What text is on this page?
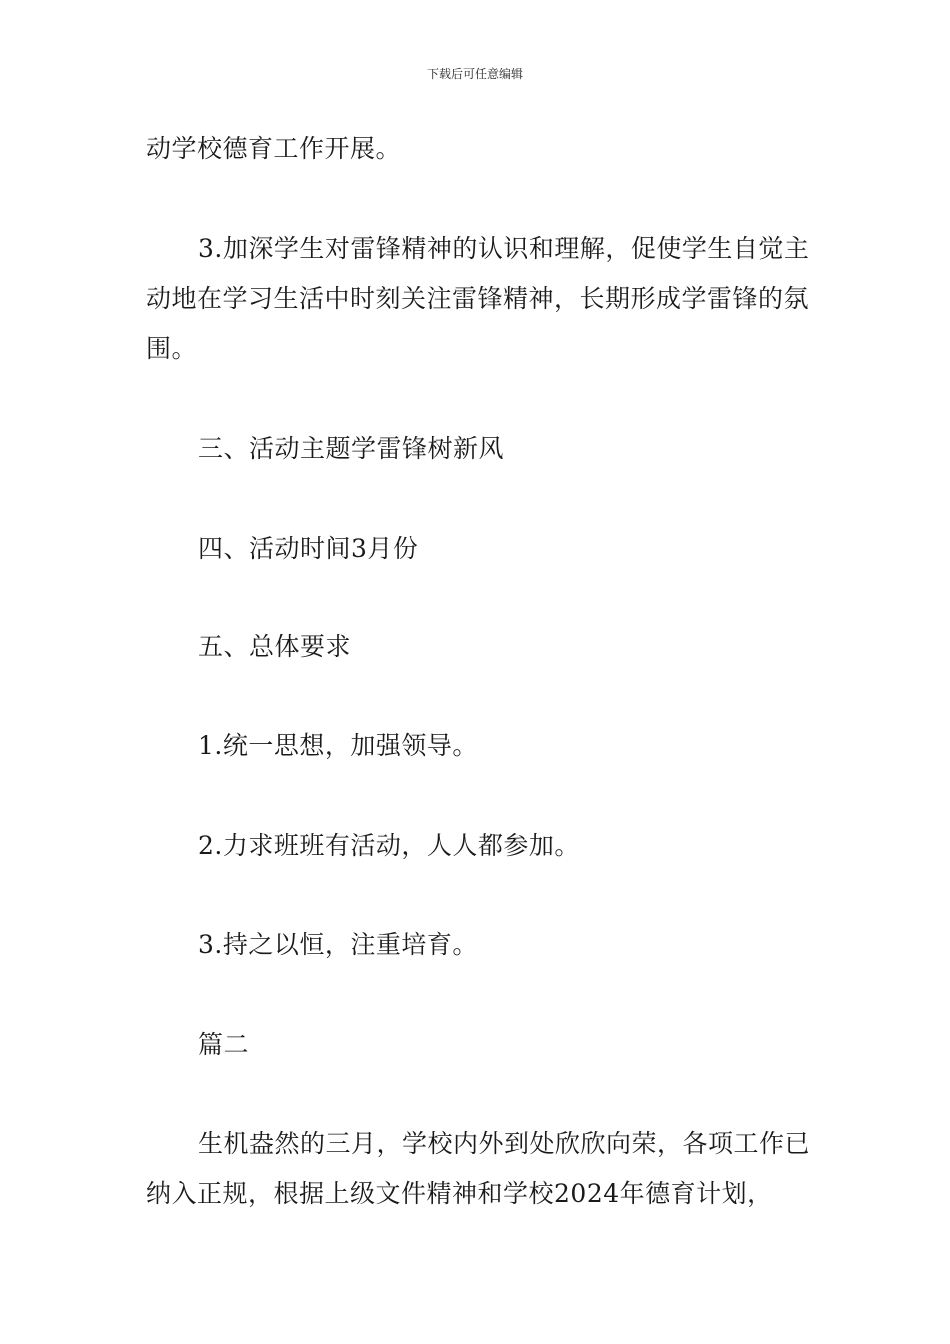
下载后可任意编辑

动学校德育工作开展。

3.加深学生对雷锋精神的认识和理解，促使学生自觉主动地在学习生活中时刻关注雷锋精神，长期形成学雷锋的氛围。

三、活动主题学雷锋树新风

四、活动时间3月份

五、总体要求

1.统一思想，加强领导。

2.力求班班有活动，人人都参加。

3.持之以恒，注重培育。

篇二

生机盎然的三月，学校内外到处欣欣向荣，各项工作已纳入正规，根据上级文件精神和学校2024年德育计划，
